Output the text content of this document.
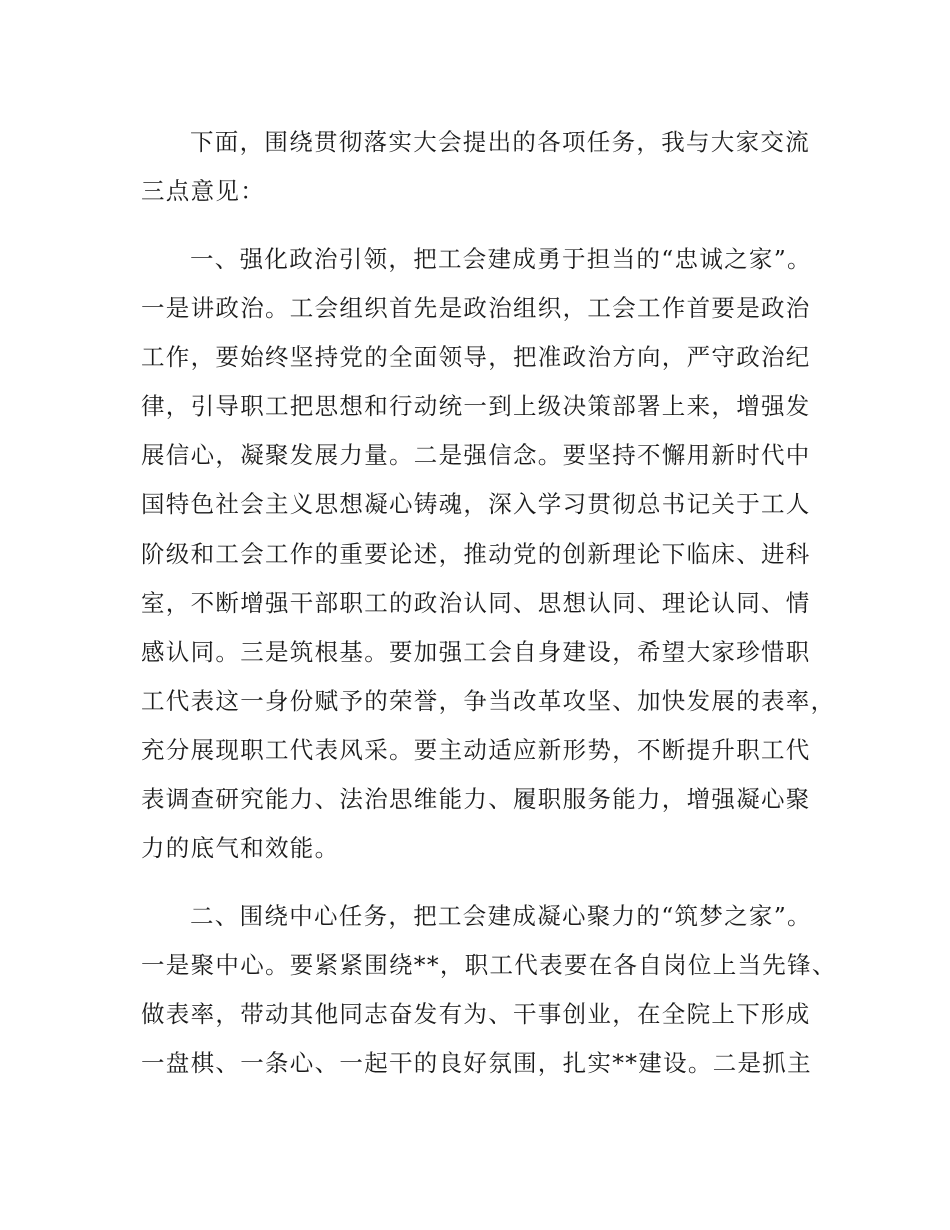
下面，围绕贯彻落实大会提出的各项任务，我与大家交流
三点意见：
一、强化政治引领，把工会建成勇于担当的“忠诚之家”。
一是讲政治。工会组织首先是政治组织，工会工作首要是政治
工作，要始终坚持党的全面领导，把准政治方向，严守政治纪
律，引导职工把思想和行动统一到上级决策部署上来，增强发
展信心，凝聚发展力量。二是强信念。要坚持不懈用新时代中
国特色社会主义思想凝心铸魂，深入学习贯彻总书记关于工人
阶级和工会工作的重要论述，推动党的创新理论下临床、进科
室，不断增强干部职工的政治认同、思想认同、理论认同、情
感认同。三是筑根基。要加强工会自身建设，希望大家珍惜职
工代表这一身份赋予的荣誉，争当改革攻坚、加快发展的表率，
充分展现职工代表风采。要主动适应新形势，不断提升职工代
表调查研究能力、法治思维能力、履职服务能力，增强凝心聚
力的底气和效能。
二、围绕中心任务，把工会建成凝心聚力的“筑梦之家”。
一是聚中心。要紧紧围绕**，职工代表要在各自岗位上当先锋、
做表率，带动其他同志奋发有为、干事创业，在全院上下形成
一盘棋、一条心、一起干的良好氛围，扎实**建设。二是抓主
